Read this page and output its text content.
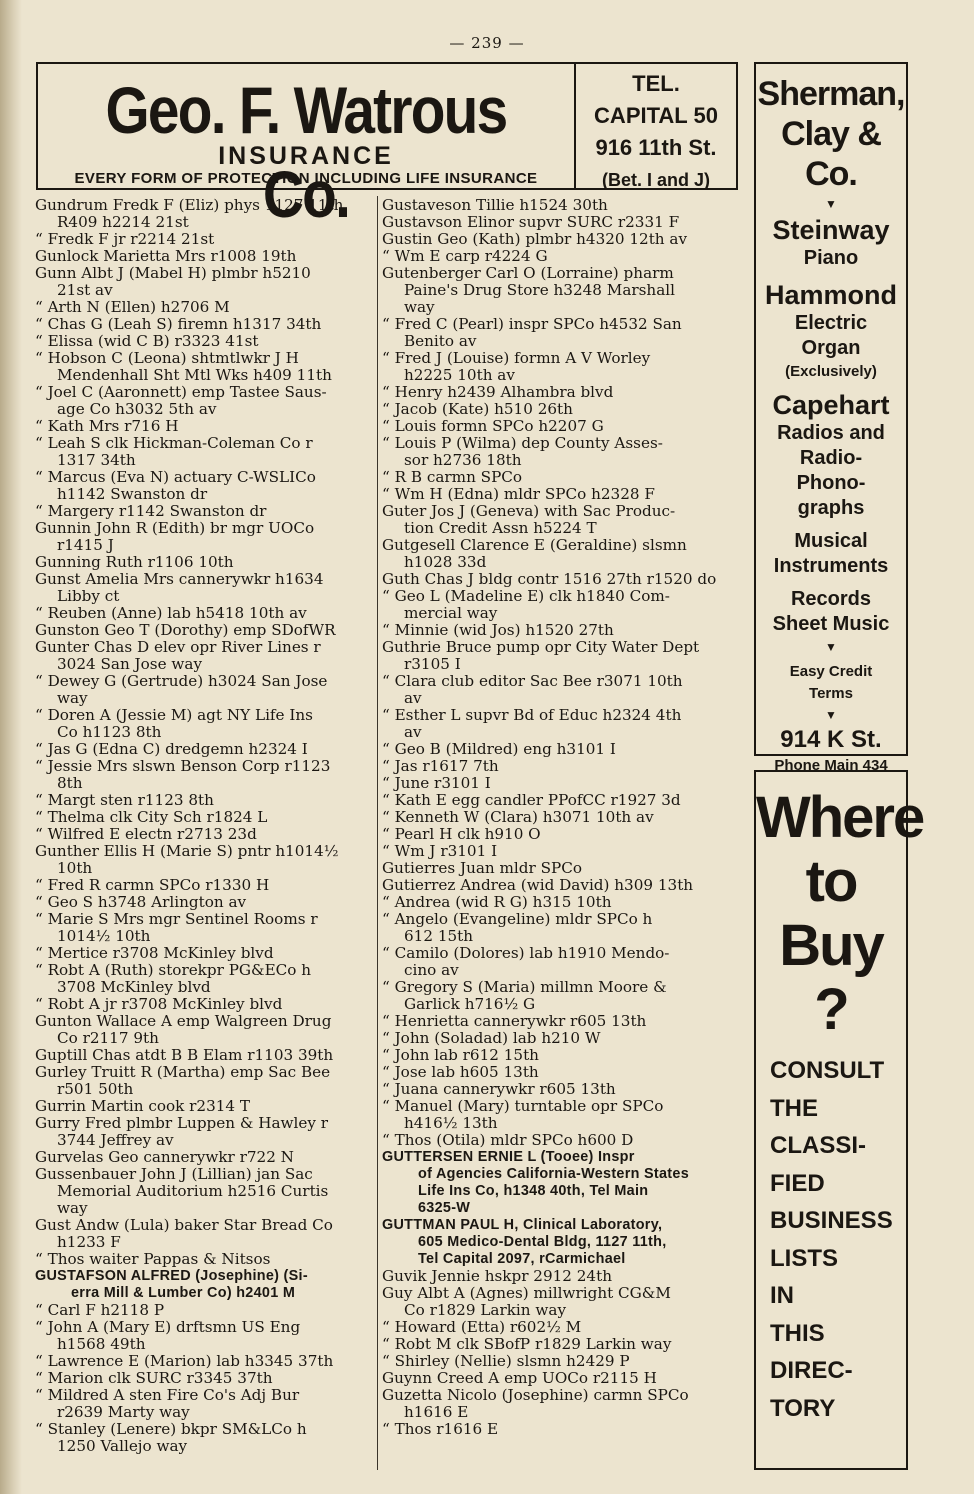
— 239 —
Geo. F. Watrous Co.
INSURANCE
EVERY FORM OF PROTECTION INCLUDING LIFE INSURANCE
TEL.
CAPITAL 50
916 11th St.
(Bet. I and J)
Gundrum Fredk F (Eliz) phys 1127 11th
R409 h2214 21st
“ Fredk F jr r2214 21st
Gunlock Marietta Mrs r1008 19th
Gunn Albt J (Mabel H) plmbr h5210
21st av
“ Arth N (Ellen) h2706 M
“ Chas G (Leah S) firemn h1317 34th
“ Elissa (wid C B) r3323 41st
“ Hobson C (Leona) shtmtlwkr J H
Mendenhall Sht Mtl Wks h409 11th
“ Joel C (Aaronnett) emp Tastee Saus-
age Co h3032 5th av
“ Kath Mrs r716 H
“ Leah S clk Hickman-Coleman Co r
1317 34th
“ Marcus (Eva N) actuary C-WSLICo
h1142 Swanston dr
“ Margery r1142 Swanston dr
Gunnin John R (Edith) br mgr UOCo
r1415 J
Gunning Ruth r1106 10th
Gunst Amelia Mrs cannerywkr h1634
Libby ct
“ Reuben (Anne) lab h5418 10th av
Gunston Geo T (Dorothy) emp SDofWR
Gunter Chas D elev opr River Lines r
3024 San Jose way
“ Dewey G (Gertrude) h3024 San Jose
way
“ Doren A (Jessie M) agt NY Life Ins
Co h1123 8th
“ Jas G (Edna C) dredgemn h2324 I
“ Jessie Mrs slswn Benson Corp r1123
8th
“ Margt sten r1123 8th
“ Thelma clk City Sch r1824 L
“ Wilfred E electn r2713 23d
Gunther Ellis H (Marie S) pntr h1014½
10th
“ Fred R carmn SPCo r1330 H
“ Geo S h3748 Arlington av
“ Marie S Mrs mgr Sentinel Rooms r
1014½ 10th
“ Mertice r3708 McKinley blvd
“ Robt A (Ruth) storekpr PG&ECo h
3708 McKinley blvd
“ Robt A jr r3708 McKinley blvd
Gunton Wallace A emp Walgreen Drug
Co r2117 9th
Guptill Chas atdt B B Elam r1103 39th
Gurley Truitt R (Martha) emp Sac Bee
r501 50th
Gurrin Martin cook r2314 T
Gurry Fred plmbr Luppen & Hawley r
3744 Jeffrey av
Gurvelas Geo cannerywkr r722 N
Gussenbauer John J (Lillian) jan Sac
Memorial Auditorium h2516 Curtis
way
Gust Andw (Lula) baker Star Bread Co
h1233 F
“ Thos waiter Pappas & Nitsos
GUSTAFSON ALFRED (Josephine) (Si-
erra Mill & Lumber Co) h2401 M
“ Carl F h2118 P
“ John A (Mary E) drftsmn US Eng
h1568 49th
“ Lawrence E (Marion) lab h3345 37th
“ Marion clk SURC r3345 37th
“ Mildred A sten Fire Co's Adj Bur
r2639 Marty way
“ Stanley (Lenere) bkpr SM&LCo h
1250 Vallejo way
Gustaveson Tillie h1524 30th
Gustavson Elinor supvr SURC r2331 F
Gustin Geo (Kath) plmbr h4320 12th av
“ Wm E carp r4224 G
Gutenberger Carl O (Lorraine) pharm
Paine's Drug Store h3248 Marshall
way
“ Fred C (Pearl) inspr SPCo h4532 San
Benito av
“ Fred J (Louise) formn A V Worley
h2225 10th av
“ Henry h2439 Alhambra blvd
“ Jacob (Kate) h510 26th
“ Louis formn SPCo h2207 G
“ Louis P (Wilma) dep County Asses-
sor h2736 18th
“ R B carmn SPCo
“ Wm H (Edna) mldr SPCo h2328 F
Guter Jos J (Geneva) with Sac Produc-
tion Credit Assn h5224 T
Gutgesell Clarence E (Geraldine) slsmn
h1028 33d
Guth Chas J bldg contr 1516 27th r1520 do
“ Geo L (Madeline E) clk h1840 Com-
mercial way
“ Minnie (wid Jos) h1520 27th
Guthrie Bruce pump opr City Water Dept
r3105 I
“ Clara club editor Sac Bee r3071 10th
av
“ Esther L supvr Bd of Educ h2324 4th
av
“ Geo B (Mildred) eng h3101 I
“ Jas r1617 7th
“ June r3101 I
“ Kath E egg candler PPofCC r1927 3d
“ Kenneth W (Clara) h3071 10th av
“ Pearl H clk h910 O
“ Wm J r3101 I
Gutierres Juan mldr SPCo
Gutierrez Andrea (wid David) h309 13th
“ Andrea (wid R G) h315 10th
“ Angelo (Evangeline) mldr SPCo h
612 15th
“ Camilo (Dolores) lab h1910 Mendo-
cino av
“ Gregory S (Maria) millmn Moore &
Garlick h716½ G
“ Henrietta cannerywkr r605 13th
“ John (Soladad) lab h210 W
“ John lab r612 15th
“ Jose lab h605 13th
“ Juana cannerywkr r605 13th
“ Manuel (Mary) turntable opr SPCo
h416½ 13th
“ Thos (Otila) mldr SPCo h600 D
GUTTERSEN ERNIE L (Tooee) Inspr
of Agencies California-Western States
Life Ins Co, h1348 40th, Tel Main
6325-W
GUTTMAN PAUL H, Clinical Laboratory,
605 Medico-Dental Bldg, 1127 11th,
Tel Capital 2097, rCarmichael
Guvik Jennie hskpr 2912 24th
Guy Albt A (Agnes) millwright CG&M
Co r1829 Larkin way
“ Howard (Etta) r602½ M
“ Robt M clk SBofP r1829 Larkin way
“ Shirley (Nellie) slsmn h2429 P
Guynn Creed A emp UOCo r2115 H
Guzetta Nicolo (Josephine) carmn SPCo
h1616 E
“ Thos r1616 E
Sherman,
Clay & Co.
▼
Steinway
Piano
Hammond
Electric
Organ
(Exclusively)
Capehart
Radios and
Radio-
Phono-
graphs
Musical
Instruments
Records
Sheet Music
▼
Easy Credit
Terms
▼
914 K St.
Phone Main 434
Where
to
Buy
?
CONSULT
THE
CLASSI-
FIED
BUSINESS
LISTS
IN
THIS
DIREC-
TORY
